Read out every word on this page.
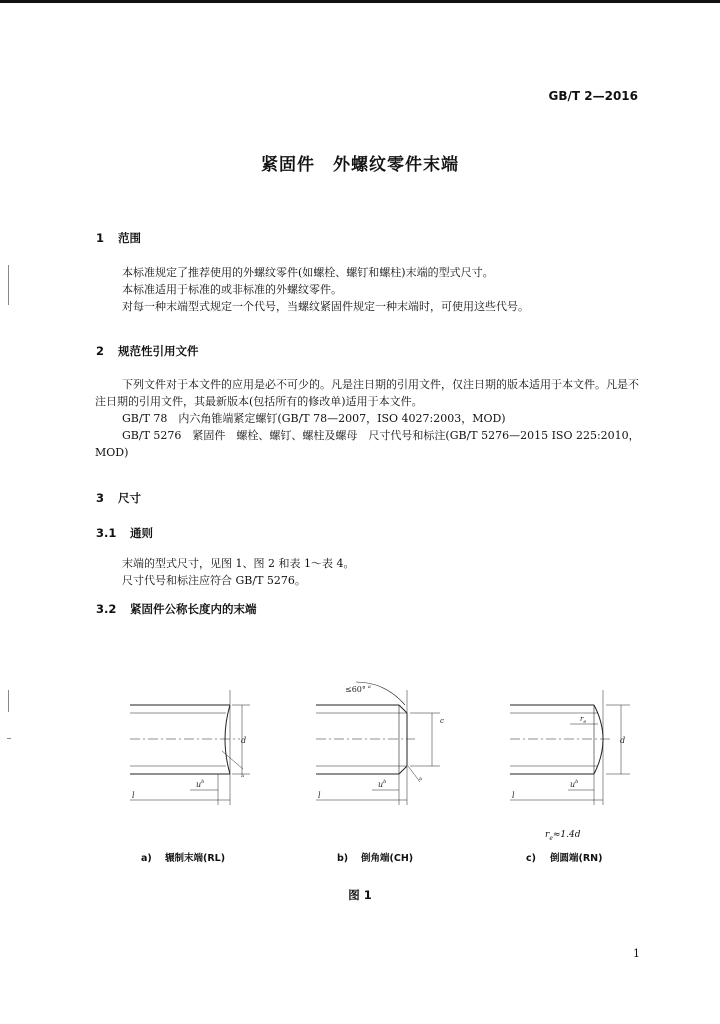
GB/T 2—2016
紧固件　外螺纹零件末端
1 范围

本标准规定了推荐使用的外螺纹零件(如螺栓、螺钉和螺柱)末端的型式尺寸。

本标准适用于标准的或非标准的外螺纹零件。

对每一种末端型式规定一个代号，当螺纹紧固件规定一种末端时，可使用这些代号。

2 规范性引用文件

下列文件对于本文件的应用是必不可少的。凡是注日期的引用文件，仅注日期的版本适用于本文件。凡是不注日期的引用文件，其最新版本(包括所有的修改单)适用于本文件。

GB/T 78　内六角锥端紧定螺钉(GB/T 78—2007，ISO 4027:2003，MOD)

GB/T 5276　紧固件　螺栓、螺钉、螺柱及螺母　尺寸代号和标注(GB/T 5276—2015 ISO 225:2010，MOD)

3 尺寸
3.1 通则

末端的型式尺寸，见图 1、图 2 和表 1～表 4。

尺寸代号和标注应符合 GB/T 5276。

3.2 紧固件公称长度内的末端
d
l
$u^b$
a
≤60° $^a$
c
l
$u^b$	a
$r_e$
d
l
$u^b$
$r_e\approx 1.4d$
a) 辗制末端(RL)	b) 倒角端(CH)	c) 倒圆端(RN)
图 1
1
